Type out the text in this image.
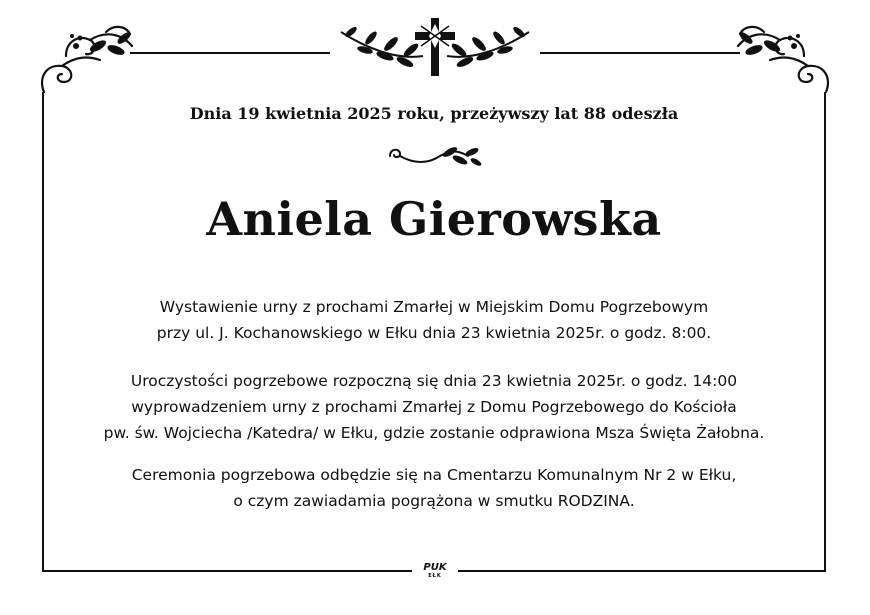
Dnia 19 kwietnia 2025 roku, przeżywszy lat 88 odeszła
Aniela Gierowska
Wystawienie urny z prochami Zmarłej w Miejskim Domu Pogrzebowym
przy ul. J. Kochanowskiego w Ełku dnia 23 kwietnia 2025r. o godz. 8:00.
Uroczystości pogrzebowe rozpoczną się dnia 23 kwietnia 2025r. o godz. 14:00
wyprowadzeniem urny z prochami Zmarłej z Domu Pogrzebowego do Kościoła
pw. św. Wojciecha /Katedra/ w Ełku, gdzie zostanie odprawiona Msza Święta Żałobna.
Ceremonia pogrzebowa odbędzie się na Cmentarzu Komunalnym Nr 2 w Ełku,
o czym zawiadamia pogrążona w smutku RODZINA.
PUK
EŁK
